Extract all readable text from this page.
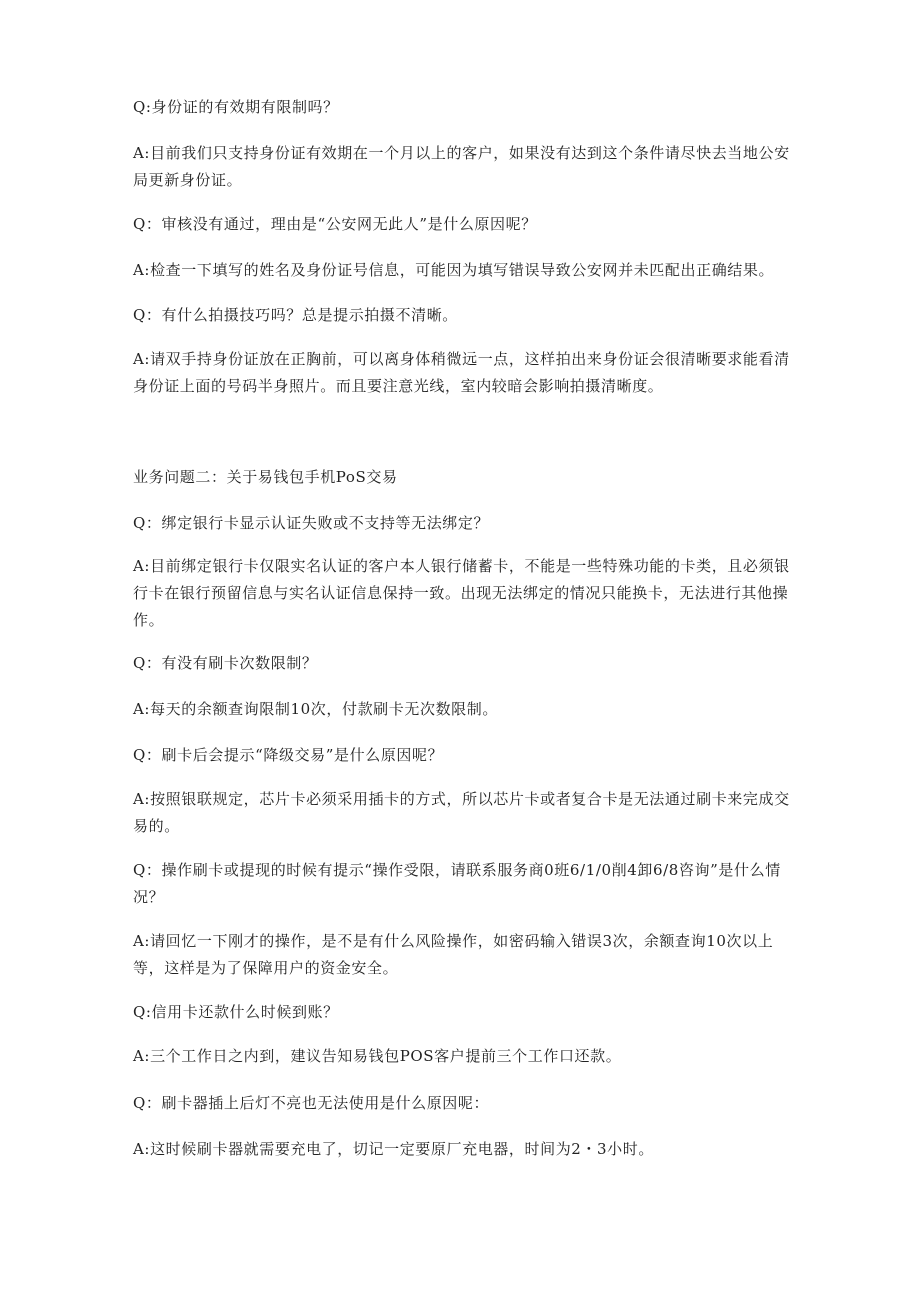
Q:身份证的有效期有限制吗？

A:目前我们只支持身份证有效期在一个月以上的客户，如果没有达到这个条件请尽快去当地公安局更新身份证。

Q：审核没有通过，理由是“公安网无此人”是什么原因呢？

A:检查一下填写的姓名及身份证号信息，可能因为填写错误导致公安网并未匹配出正确结果。

Q：有什么拍摄技巧吗？总是提示拍摄不清晰。

A:请双手持身份证放在正胸前，可以离身体稍微远一点，这样拍出来身份证会很清晰要求能看清身份证上面的号码半身照片。而且要注意光线，室内较暗会影响拍摄清晰度。

业务问题二：关于易钱包手机PoS交易

Q：绑定银行卡显示认证失败或不支持等无法绑定？

A:目前绑定银行卡仅限实名认证的客户本人银行储蓄卡，不能是一些特殊功能的卡类，且必须银行卡在银行预留信息与实名认证信息保持一致。出现无法绑定的情况只能换卡，无法进行其他操作。

Q：有没有刷卡次数限制？

A:每天的余额查询限制10次，付款刷卡无次数限制。

Q：刷卡后会提示“降级交易”是什么原因呢？

A:按照银联规定，芯片卡必须采用插卡的方式，所以芯片卡或者复合卡是无法通过刷卡来完成交易的。

Q：操作刷卡或提现的时候有提示“操作受限，请联系服务商0班6/1/0削4卸6/8咨询”是什么情况？

A:请回忆一下刚才的操作，是不是有什么风险操作，如密码输入错误3次，余额查询10次以上等，这样是为了保障用户的资金安全。

Q:信用卡还款什么时候到账？

A:三个工作日之内到，建议告知易钱包POS客户提前三个工作口还款。

Q：刷卡器插上后灯不亮也无法使用是什么原因呢：

A:这时候刷卡器就需要充电了，切记一定要原厂充电器，时间为2・3小时。
